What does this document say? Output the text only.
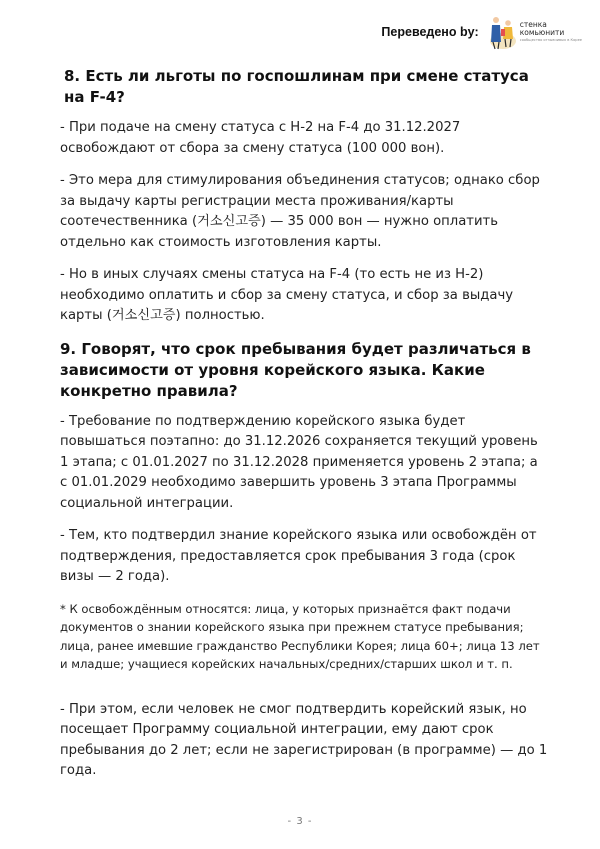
Переведено by:
стенка
комьюнити
сообщество отзывчивых в Корее
8. Есть ли льготы по госпошлинам при смене статуса на F-4?

- При подаче на смену статуса с H-2 на F-4 до 31.12.2027 освобождают от сбора за смену статуса (100 000 вон).

- Это мера для стимулирования объединения статусов; однако сбор за выдачу карты регистрации места проживания/карты соотечественника (거소신고증) — 35 000 вон — нужно оплатить отдельно как стоимость изготовления карты.

- Но в иных случаях смены статуса на F-4 (то есть не из H-2) необходимо оплатить и сбор за смену статуса, и сбор за выдачу карты (거소신고증) полностью.

9. Говорят, что срок пребывания будет различаться в зависимости от уровня корейского языка. Какие конкретно правила?

- Требование по подтверждению корейского языка будет повышаться поэтапно: до 31.12.2026 сохраняется текущий уровень 1 этапа; с 01.01.2027 по 31.12.2028 применяется уровень 2 этапа; а с 01.01.2029 необходимо завершить уровень 3 этапа Программы социальной интеграции.

- Тем, кто подтвердил знание корейского языка или освобождён от подтверждения, предоставляется срок пребывания 3 года (срок визы — 2 года).

* К освобождённым относятся: лица, у которых признаётся факт подачи документов о знании корейского языка при прежнем статусе пребывания; лица, ранее имевшие гражданство Республики Корея; лица 60+; лица 13 лет и младше; учащиеся корейских начальных/средних/старших школ и т. п.

- При этом, если человек не смог подтвердить корейский язык, но посещает Программу социальной интеграции, ему дают срок пребывания до 2 лет; если не зарегистрирован (в программе) — до 1 года.

- 3 -
